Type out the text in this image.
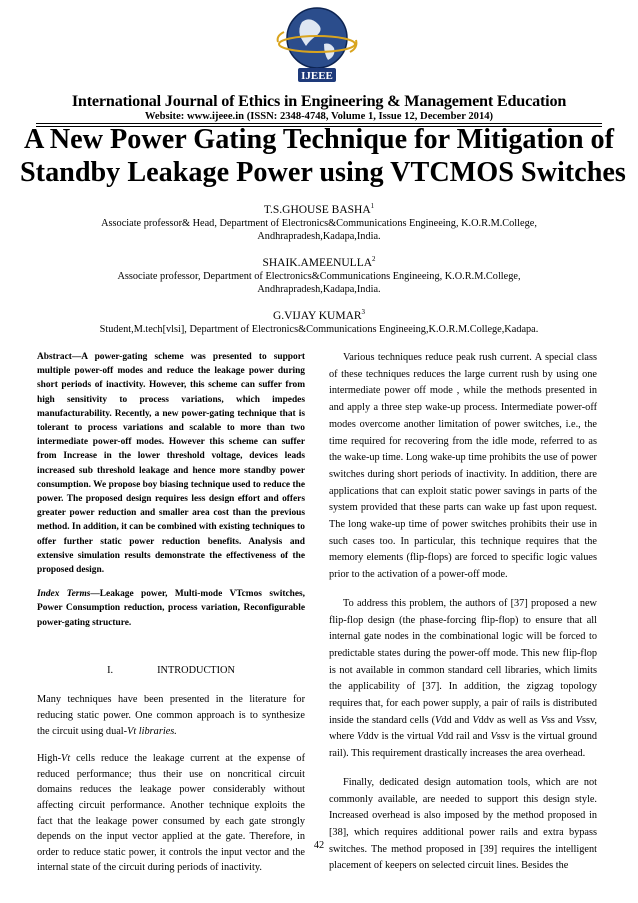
IJEEE
International Journal of Ethics in Engineering & Management Education
Website: www.ijeee.in (ISSN: 2348-4748, Volume 1, Issue 12, December 2014)
A New Power Gating Technique for Mitigation of
Standby Leakage Power using VTCMOS Switches
T.S.GHOUSE BASHA$^1$
Associate professor& Head, Department of Electronics&Communications Engineeing, K.O.R.M.College,
Andhrapradesh,Kadapa,India.
SHAIK.AMEENULLA$^2$
Associate professor, Department of Electronics&Communications Engineeing, K.O.R.M.College,
Andhrapradesh,Kadapa,India.
G.VIJAY KUMAR$^3$
Student,M.tech[vlsi], Department of Electronics&Communications Engineeing,K.O.R.M.College,Kadapa.

Abstract—A power-gating scheme was presented to support multiple power-off modes and reduce the leakage power during short periods of inactivity. However, this scheme can suffer from high sensitivity to process variations, which impedes manufacturability. Recently, a new power-gating technique that is tolerant to process variations and scalable to more than two intermediate power-off modes. However this scheme can suffer from Increase in the lower threshold voltage, devices leads increased sub threshold leakage and hence more standby power consumption. We propose boy biasing technique used to reduce the power. The proposed design requires less design effort and offers greater power reduction and smaller area cost than the previous method. In addition, it can be combined with existing techniques to offer further static power reduction benefits. Analysis and extensive simulation results demonstrate the effectiveness of the proposed design.

Index Terms—Leakage power, Multi-mode VTcmos switches, Power Consumption reduction, process variation, Reconfigurable power-gating structure.

I.	INTRODUCTION

Many techniques have been presented in the literature for reducing static power. One common approach is to synthesize the circuit using dual-Vt libraries.

High-Vt cells reduce the leakage current at the expense of reduced performance; thus their use on noncritical circuit domains reduces the leakage power considerably without affecting circuit performance. Another technique exploits the fact that the leakage power consumed by each gate strongly depends on the input vector applied at the gate. Therefore, in order to reduce static power, it controls the input vector and the internal state of the circuit during periods of inactivity.

Various techniques reduce peak rush current. A special class of these techniques reduces the large current rush by using one intermediate power off mode , while the methods presented in and apply a three step wake-up process. Intermediate power-off modes overcome another limitation of power switches, i.e., the time required for recovering from the idle mode, referred to as the wake-up time. Long wake-up time prohibits the use of power switches during short periods of inactivity. In addition, there are applications that can exploit static power savings in parts of the system provided that these parts can wake up fast upon request. The long wake-up time of power switches prohibits their use in such cases too. In particular, this technique requires that the memory elements (flip-flops) are forced to specific logic values prior to the activation of a power-off mode.

To address this problem, the authors of [37] proposed a new flip-flop design (the phase-forcing flip-flop) to ensure that all internal gate nodes in the combinational logic will be forced to predictable states during the power-off mode. This new flip-flop is not available in common standard cell libraries, which limits the applicability of [37]. In addition, the zigzag topology requires that, for each power supply, a pair of rails is distributed inside the standard cells (Vdd and Vddv as well as Vss and Vssv, where Vddv is the virtual Vdd rail and Vssv is the virtual ground rail). This requirement drastically increases the area overhead.

Finally, dedicated design automation tools, which are not commonly available, are needed to support this design style. Increased overhead is also imposed by the method proposed in [38], which requires additional power rails and extra bypass switches. The method proposed in [39] requires the intelligent placement of keepers on selected circuit lines. Besides the

42
